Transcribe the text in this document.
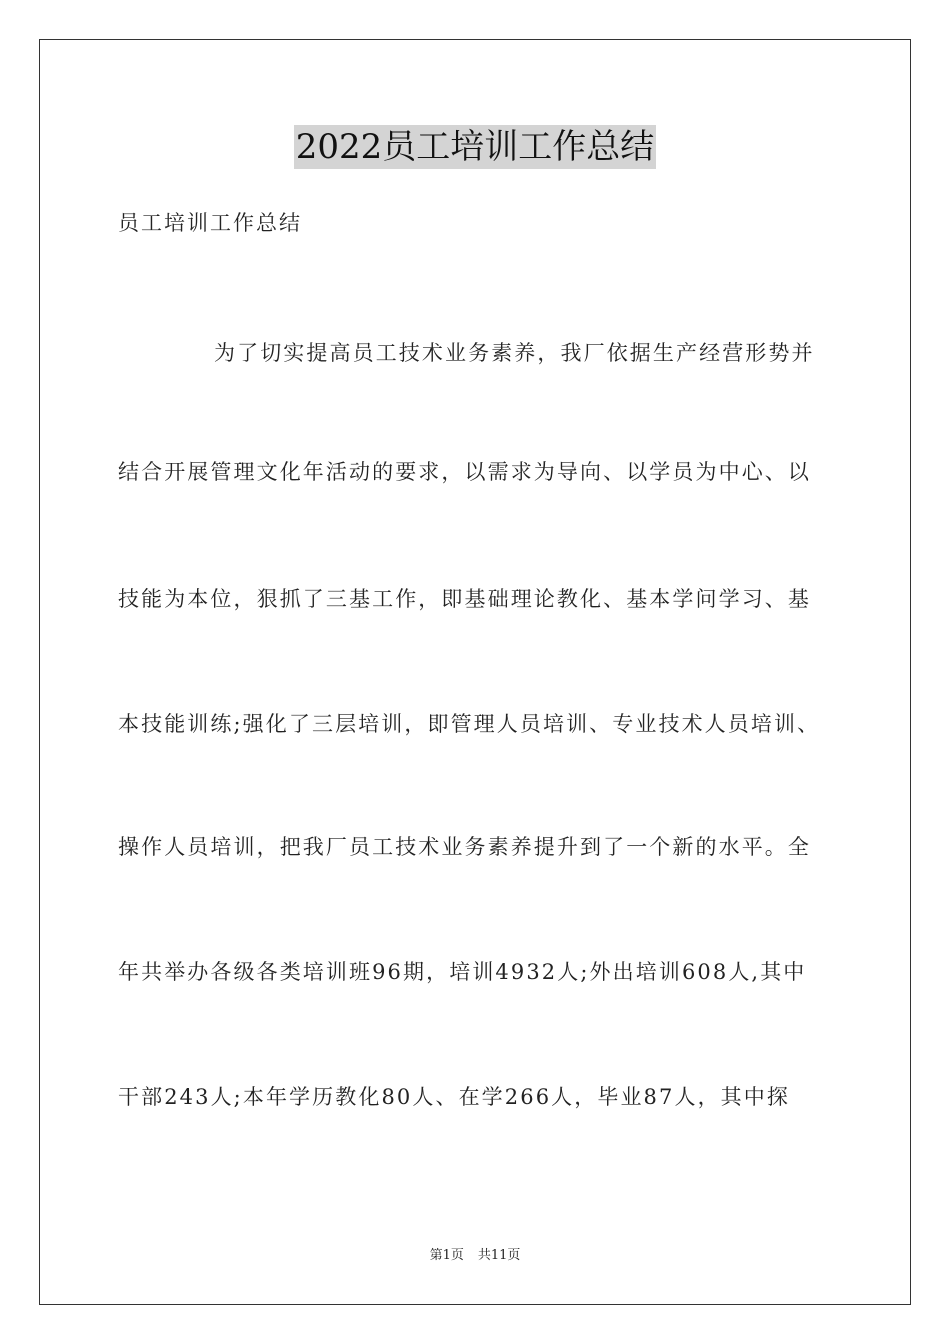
2022员工培训工作总结
员工培训工作总结
为了切实提高员工技术业务素养，我厂依据生产经营形势并
结合开展管理文化年活动的要求，以需求为导向、以学员为中心、以
技能为本位，狠抓了三基工作，即基础理论教化、基本学问学习、基
本技能训练;强化了三层培训，即管理人员培训、专业技术人员培训、
操作人员培训，把我厂员工技术业务素养提升到了一个新的水平。全
年共举办各级各类培训班96期，培训4932人;外出培训608人,其中
干部243人;本年学历教化80人、在学266人，毕业87人，其中探
第1页 共11页
